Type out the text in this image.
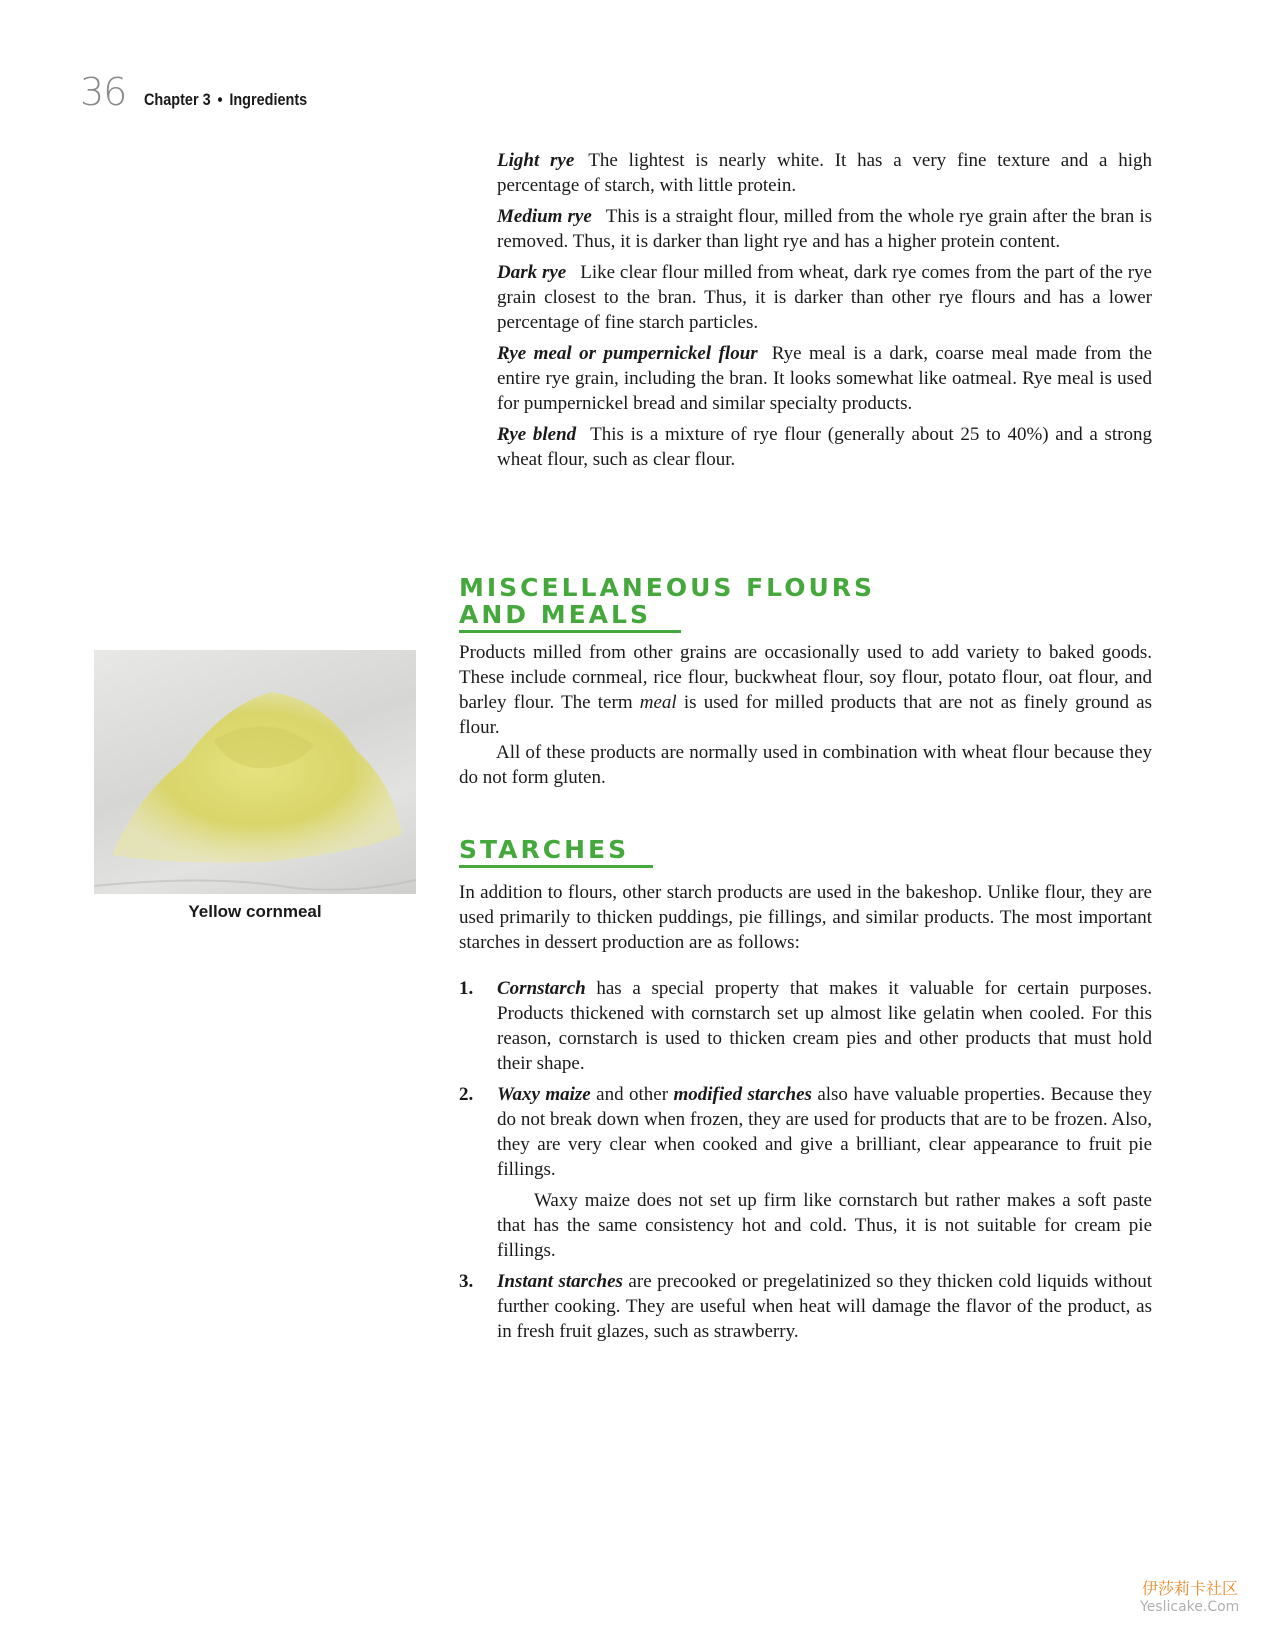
36 Chapter 3 • Ingredients

Light rye The lightest is nearly white. It has a very fine texture and a high percentage of starch, with little protein.

Medium rye This is a straight flour, milled from the whole rye grain after the bran is removed. Thus, it is darker than light rye and has a higher protein content.

Dark rye Like clear flour milled from wheat, dark rye comes from the part of the rye grain closest to the bran. Thus, it is darker than other rye flours and has a lower percentage of fine starch particles.

Rye meal or pumpernickel flour Rye meal is a dark, coarse meal made from the entire rye grain, including the bran. It looks somewhat like oatmeal. Rye meal is used for pumpernickel bread and similar specialty products.

Rye blend This is a mixture of rye flour (generally about 25 to 40%) and a strong wheat flour, such as clear flour.

MISCELLANEOUS FLOURS
AND MEALS

Products milled from other grains are occasionally used to add variety to baked goods. These include cornmeal, rice flour, buckwheat flour, soy flour, potato flour, oat flour, and barley flour. The term meal is used for milled products that are not as finely ground as flour.

All of these products are normally used in combination with wheat flour because they do not form gluten.

Yellow cornmeal
STARCHES

In addition to flours, other starch products are used in the bakeshop. Unlike flour, they are used primarily to thicken puddings, pie fillings, and similar products. The most important starches in dessert production are as follows:

1.	Cornstarch has a special property that makes it valuable for certain purposes. Products thickened with cornstarch set up almost like gelatin when cooled. For this reason, cornstarch is used to thicken cream pies and other products that must hold their shape.

2.	Waxy maize and other modified starches also have valuable properties. Because they do not break down when frozen, they are used for products that are to be frozen. Also, they are very clear when cooked and give a brilliant, clear appearance to fruit pie fillings.

Waxy maize does not set up firm like cornstarch but rather makes a soft paste that has the same consistency hot and cold. Thus, it is not suitable for cream pie fillings.

3.	Instant starches are precooked or pregelatinized so they thicken cold liquids without further cooking. They are useful when heat will damage the flavor of the product, as in fresh fruit glazes, such as strawberry.

伊莎莉卡社区
Yeslicake.Com
